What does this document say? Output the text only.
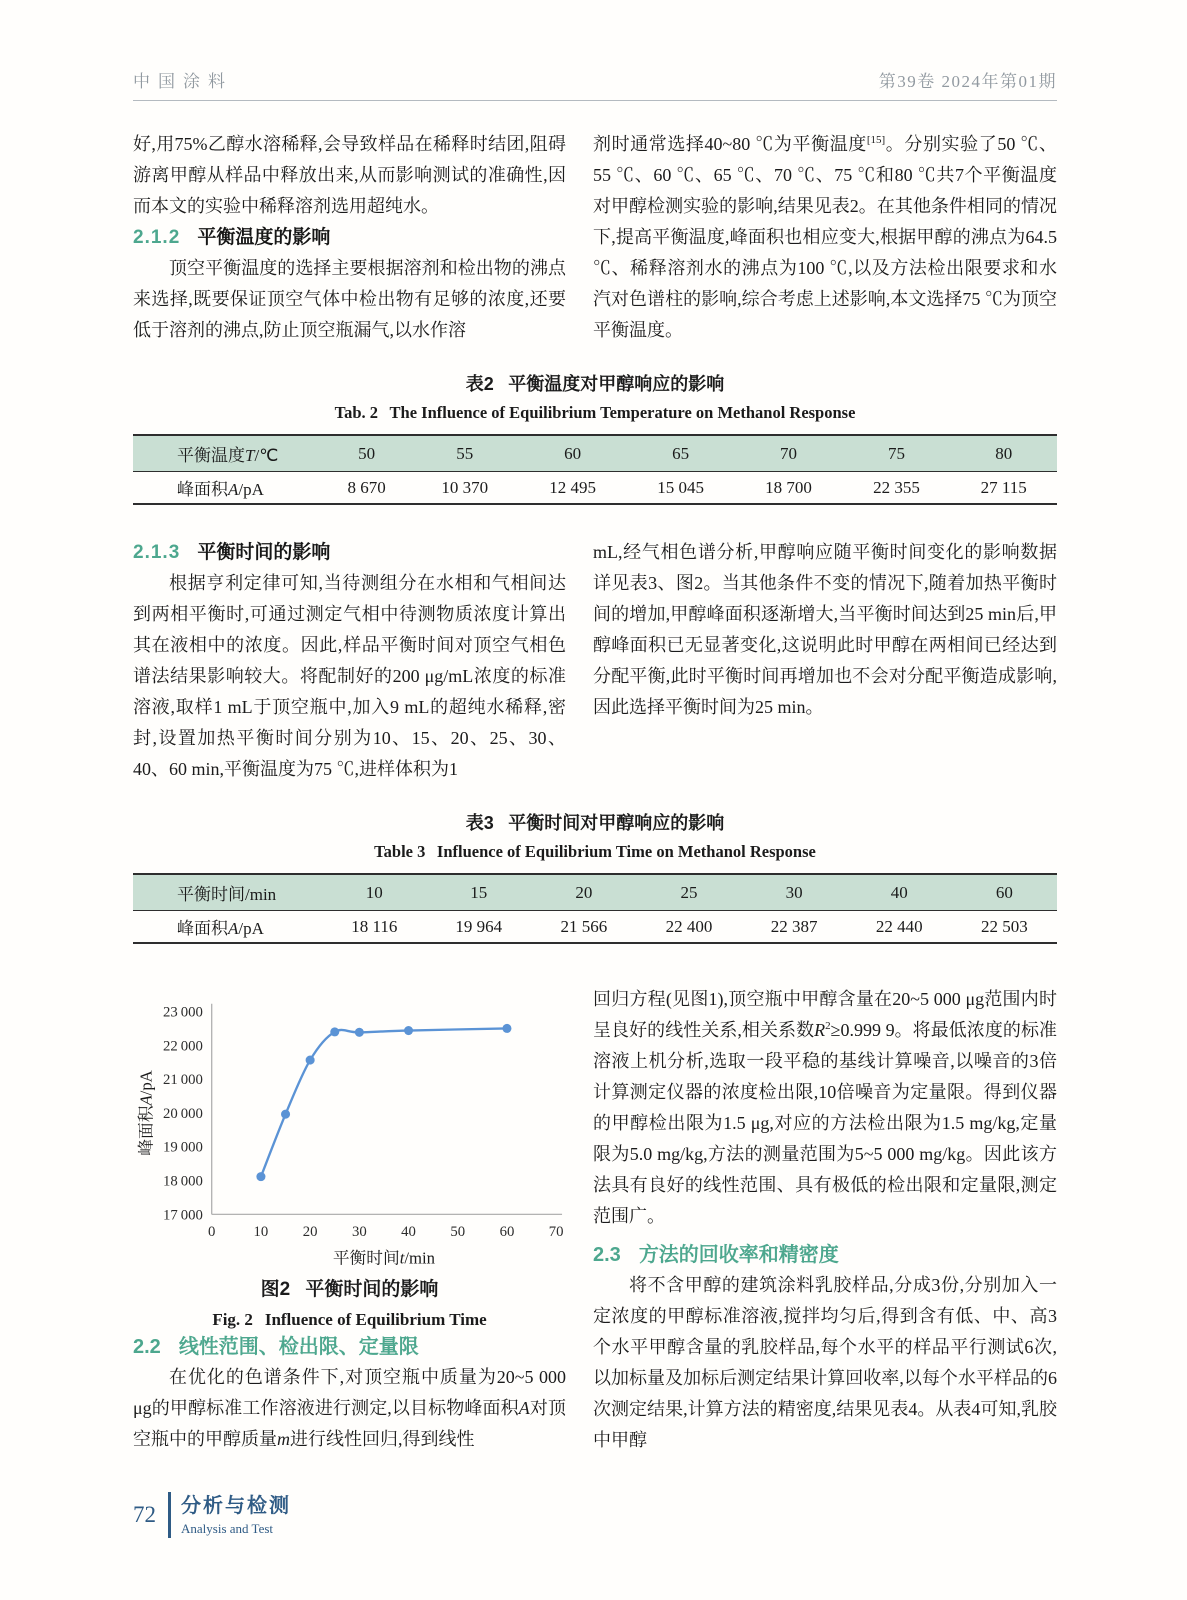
中国涂料	第39卷 2024年第01期

好,用75%乙醇水溶稀释,会导致样品在稀释时结团,阻碍游离甲醇从样品中释放出来,从而影响测试的准确性,因而本文的实验中稀释溶剂选用超纯水。

2.1.2 平衡温度的影响

顶空平衡温度的选择主要根据溶剂和检出物的沸点来选择,既要保证顶空气体中检出物有足够的浓度,还要低于溶剂的沸点,防止顶空瓶漏气,以水作溶

剂时通常选择40~80 ℃为平衡温度[15]。分别实验了50 ℃、55 ℃、60 ℃、65 ℃、70 ℃、75 ℃和80 ℃共7个平衡温度对甲醇检测实验的影响,结果见表2。在其他条件相同的情况下,提高平衡温度,峰面积也相应变大,根据甲醇的沸点为64.5 ℃、稀释溶剂水的沸点为100 ℃,以及方法检出限要求和水汽对色谱柱的影响,综合考虑上述影响,本文选择75 ℃为顶空平衡温度。

表2 平衡温度对甲醇响应的影响
Tab. 2 The Influence of Equilibrium Temperature on Methanol Response
平衡温度T/℃	50	55	60	65	70	75	80
峰面积A/pA	8 670	10 370	12 495	15 045	18 700	22 355	27 115
2.1.3 平衡时间的影响

根据亨利定律可知,当待测组分在水相和气相间达到两相平衡时,可通过测定气相中待测物质浓度计算出其在液相中的浓度。因此,样品平衡时间对顶空气相色谱法结果影响较大。将配制好的200 μg/mL浓度的标准溶液,取样1 mL于顶空瓶中,加入9 mL的超纯水稀释,密封,设置加热平衡时间分别为10、15、20、25、30、40、60 min,平衡温度为75 ℃,进样体积为1

mL,经气相色谱分析,甲醇响应随平衡时间变化的影响数据详见表3、图2。当其他条件不变的情况下,随着加热平衡时间的增加,甲醇峰面积逐渐增大,当平衡时间达到25 min后,甲醇峰面积已无显著变化,这说明此时甲醇在两相间已经达到分配平衡,此时平衡时间再增加也不会对分配平衡造成影响,因此选择平衡时间为25 min。

表3 平衡时间对甲醇响应的影响
Table 3 Influence of Equilibrium Time on Methanol Response
平衡时间/min	10	15	20	25	30	40	60
峰面积A/pA	18 116	19 964	21 566	22 400	22 387	22 440	22 503
17 000
18 000
19 000
20 000
21 000
22 000
23 000
0	10 20 30 40 50 60 70
平衡时间t/min
峰面积A/pA
图2 平衡时间的影响
Fig. 2 Influence of Equilibrium Time
2.2 线性范围、检出限、定量限

在优化的色谱条件下,对顶空瓶中质量为20~5 000 μg的甲醇标准工作溶液进行测定,以目标物峰面积A对顶空瓶中的甲醇质量m进行线性回归,得到线性

回归方程(见图1),顶空瓶中甲醇含量在20~5 000 μg范围内时呈良好的线性关系,相关系数$R^2\ge 0.999$ 9。将最低浓度的标准溶液上机分析,选取一段平稳的基线计算噪音,以噪音的3倍计算测定仪器的浓度检出限,10倍噪音为定量限。得到仪器的甲醇检出限为1.5 μg,对应的方法检出限为1.5 mg/kg,定量限为5.0 mg/kg,方法的测量范围为5~5 000 mg/kg。因此该方法具有良好的线性范围、具有极低的检出限和定量限,测定范围广。

2.3 方法的回收率和精密度

将不含甲醇的建筑涂料乳胶样品,分成3份,分别加入一定浓度的甲醇标准溶液,搅拌均匀后,得到含有低、中、高3个水平甲醇含量的乳胶样品,每个水平的样品平行测试6次,以加标量及加标后测定结果计算回收率,以每个水平样品的6次测定结果,计算方法的精密度,结果见表4。从表4可知,乳胶中甲醇

72 分析与检测
Analysis and Test
